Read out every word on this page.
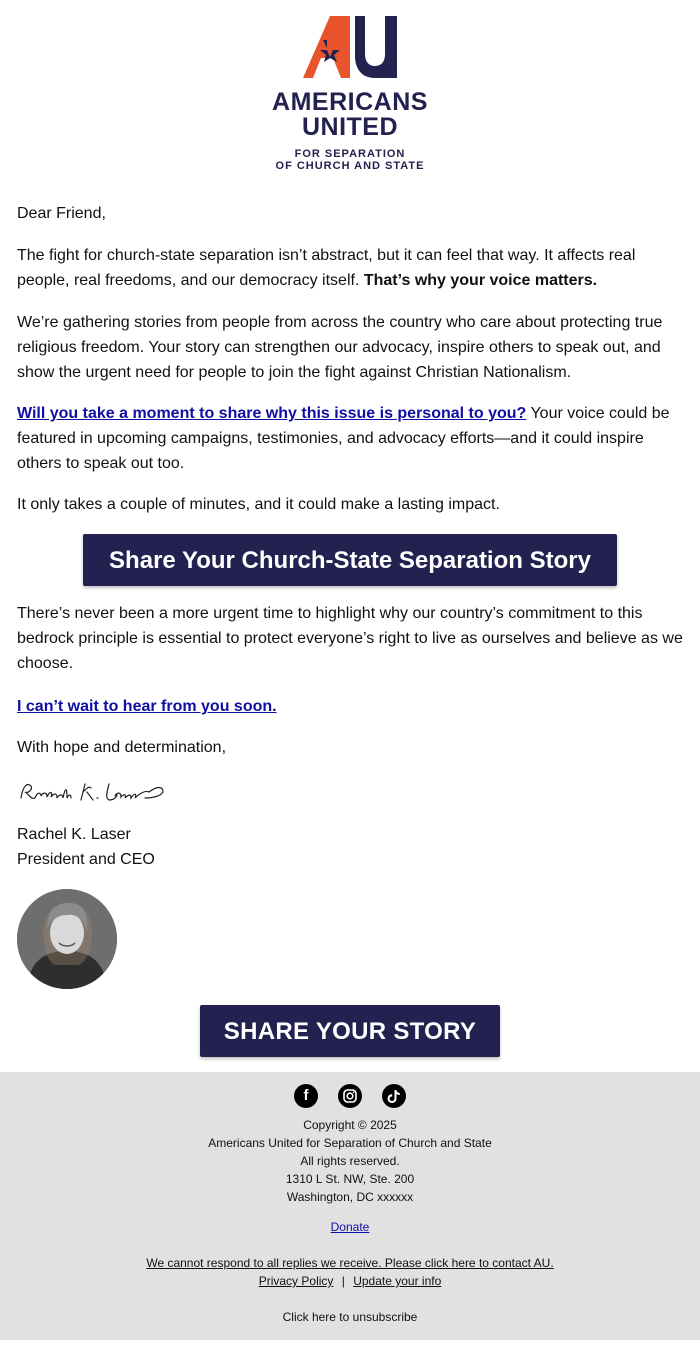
AMERICANS
UNITED
FOR SEPARATION
OF CHURCH AND STATE

Dear Friend,

The fight for church-state separation isn’t abstract, but it can feel that way. It affects real people, real freedoms, and our democracy itself. That’s why your voice matters.

We’re gathering stories from people from across the country who care about protecting true religious freedom. Your story can strengthen our advocacy, inspire others to speak out, and show the urgent need for people to join the fight against Christian Nationalism.

Will you take a moment to share why this issue is personal to you? Your voice could be featured in upcoming campaigns, testimonies, and advocacy efforts—and it could inspire others to speak out too.

It only takes a couple of minutes, and it could make a lasting impact.

Share Your Church-State Separation Story

There’s never been a more urgent time to highlight why our country’s commitment to this bedrock principle is essential to protect everyone’s right to live as ourselves and believe as we choose.

I can’t wait to hear from you soon.

With hope and determination,

Rachel K. Laser
President and CEO
SHARE YOUR STORY
f
Copyright © 2025
Americans United for Separation of Church and State
All rights reserved.
1310 L St. NW, Ste. 200
Washington, DC xxxxxx
Donate
We cannot respond to all replies we receive. Please click here to contact AU.
Privacy Policy | Update your info
Click here to unsubscribe
